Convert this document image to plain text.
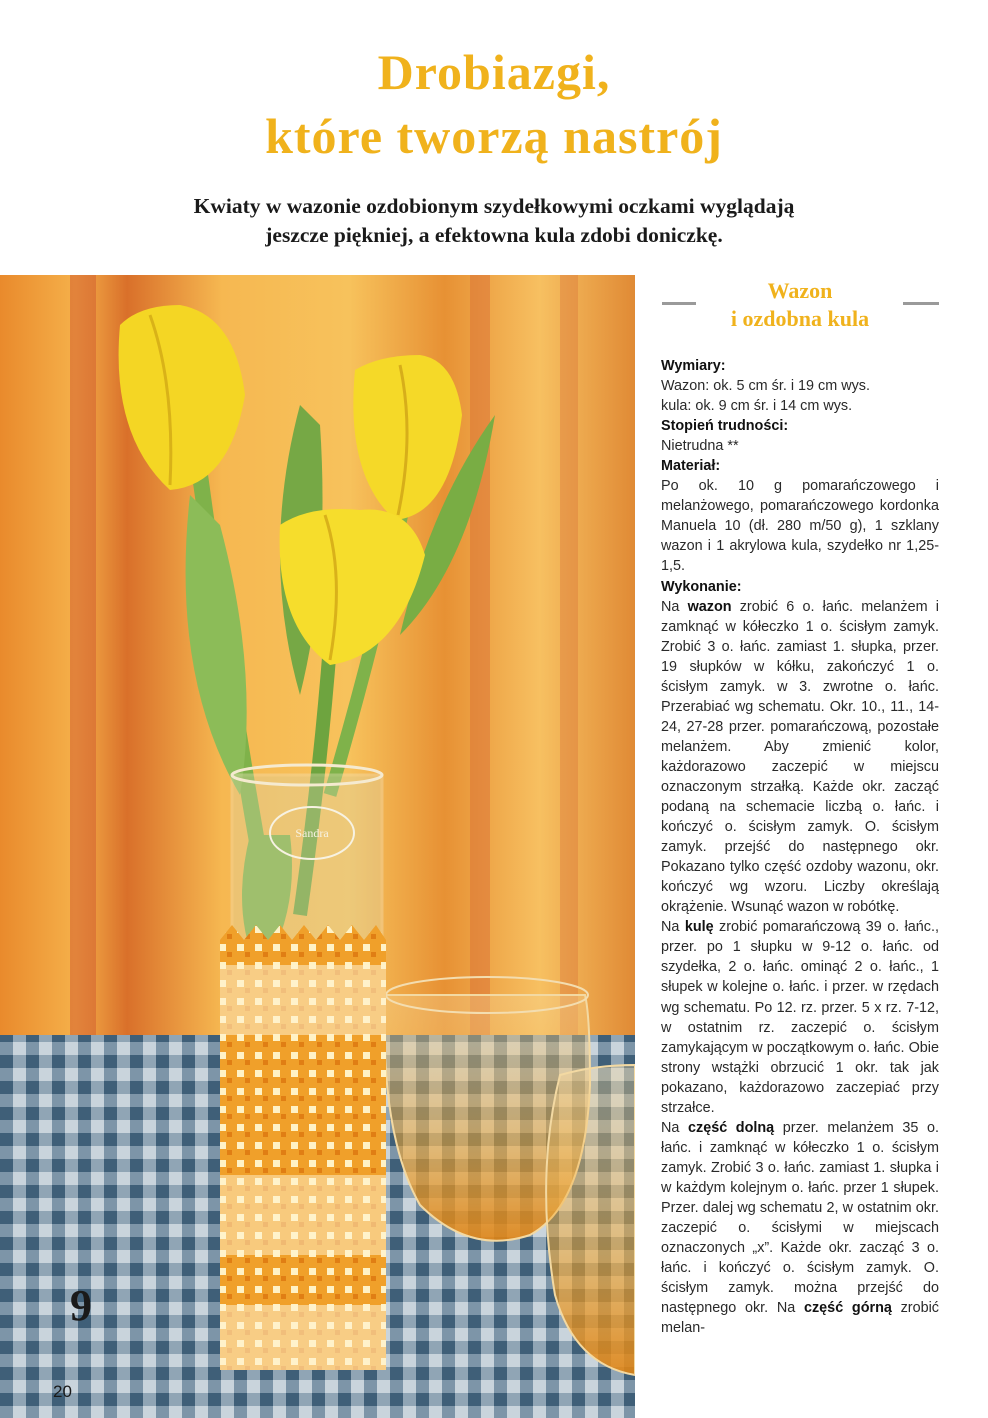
Drobiazgi,
które tworzą nastrój
Kwiaty w wazonie ozdobionym szydełkowymi oczkami wyglądają
jeszcze piękniej, a efektowna kula zdobi doniczkę.
Sandra
9
20
Wazon
i ozdobna kula

Wymiary:

Wazon: ok. 5 cm śr. i 19 cm wys.

kula: ok. 9 cm śr. i 14 cm wys.

Stopień trudności:

Nietrudna **

Materiał:

Po ok. 10 g pomarańczowego i melanżowego, pomarańczowego kordonka Manuela 10 (dł. 280 m/50 g), 1 szklany wazon i 1 akrylowa kula, szydełko nr 1,25-1,5.

Wykonanie:

Na wazon zrobić 6 o. łańc. melanżem i zamknąć w kółeczko 1 o. ścisłym zamyk. Zrobić 3 o. łańc. zamiast 1. słupka, przer. 19 słupków w kółku, zakończyć 1 o. ścisłym zamyk. w 3. zwrotne o. łańc. Przerabiać wg schematu. Okr. 10., 11., 14-24, 27-28 przer. pomarańczową, pozostałe melanżem. Aby zmienić kolor, każdorazowo zaczepić w miejscu oznaczonym strzałką. Każde okr. zacząć podaną na schemacie liczbą o. łańc. i kończyć o. ścisłym zamyk. O. ścisłym zamyk. przejść do następnego okr. Pokazano tylko część ozdoby wazonu, okr. kończyć wg wzoru. Liczby określają okrążenie. Wsunąć wazon w robótkę.

Na kulę zrobić pomarańczową 39 o. łańc., przer. po 1 słupku w 9-12 o. łańc. od szydełka, 2 o. łańc. ominąć 2 o. łańc., 1 słupek w kolejne o. łańc. i przer. w rzędach wg schematu. Po 12. rz. przer. 5 x rz. 7-12, w ostatnim rz. zaczepić o. ścisłym zamykającym w początkowym o. łańc. Obie strony wstążki obrzucić 1 okr. tak jak pokazano, każdorazowo zaczepiać przy strzałce.

Na część dolną przer. melanżem 35 o. łańc. i zamknąć w kółeczko 1 o. ścisłym zamyk. Zrobić 3 o. łańc. zamiast 1. słupka i w każdym kolejnym o. łańc. przer 1 słupek. Przer. dalej wg schematu 2, w ostatnim okr. zaczepić o. ścisłymi w miejscach oznaczonych „x”. Każde okr. zacząć 3 o. łańc. i kończyć o. ścisłym zamyk. O. ścisłym zamyk. można przejść do następnego okr. Na część górną zrobić melan-
